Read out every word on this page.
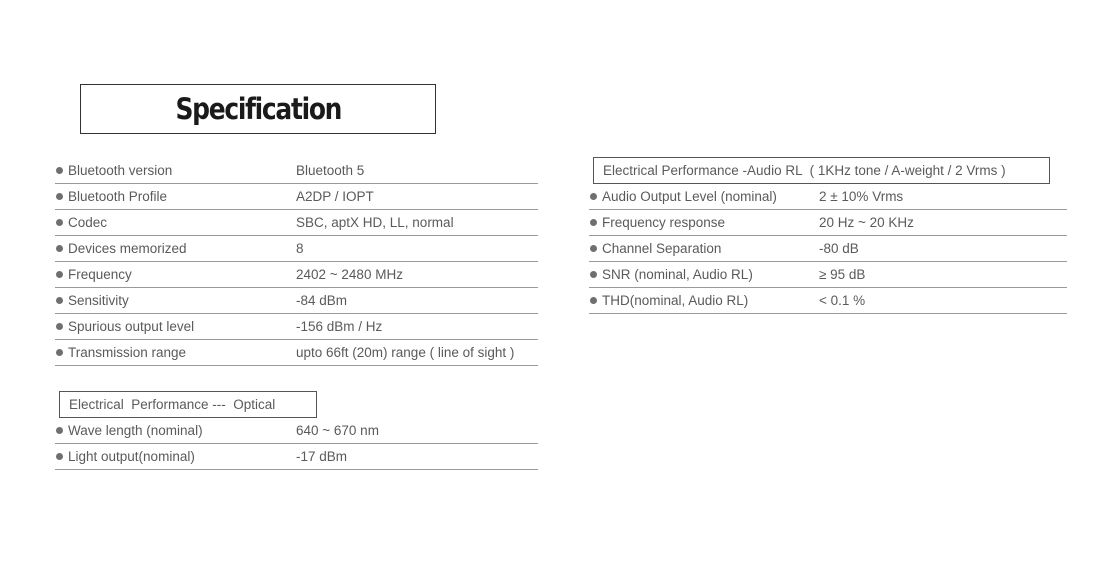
Specification
Bluetooth version	Bluetooth 5
Bluetooth Profile	A2DP / IOPT
Codec	SBC, aptX HD, LL, normal
Devices memorized	8
Frequency	2402 ~ 2480 MHz
Sensitivity	-84 dBm
Spurious output level	-156 dBm / Hz
Transmission range	upto 66ft (20m) range ( line of sight )
Electrical  Performance ---  Optical
Wave length (nominal)	640 ~ 670 nm
Light output(nominal)	-17 dBm
Electrical Performance -Audio RL  ( 1KHz tone / A-weight / 2 Vrms )
Audio Output Level (nominal)	2 ± 10% Vrms
Frequency response	20 Hz ~ 20 KHz
Channel Separation	-80 dB
SNR (nominal, Audio RL)	≥ 95 dB
THD(nominal, Audio RL)	< 0.1 %
